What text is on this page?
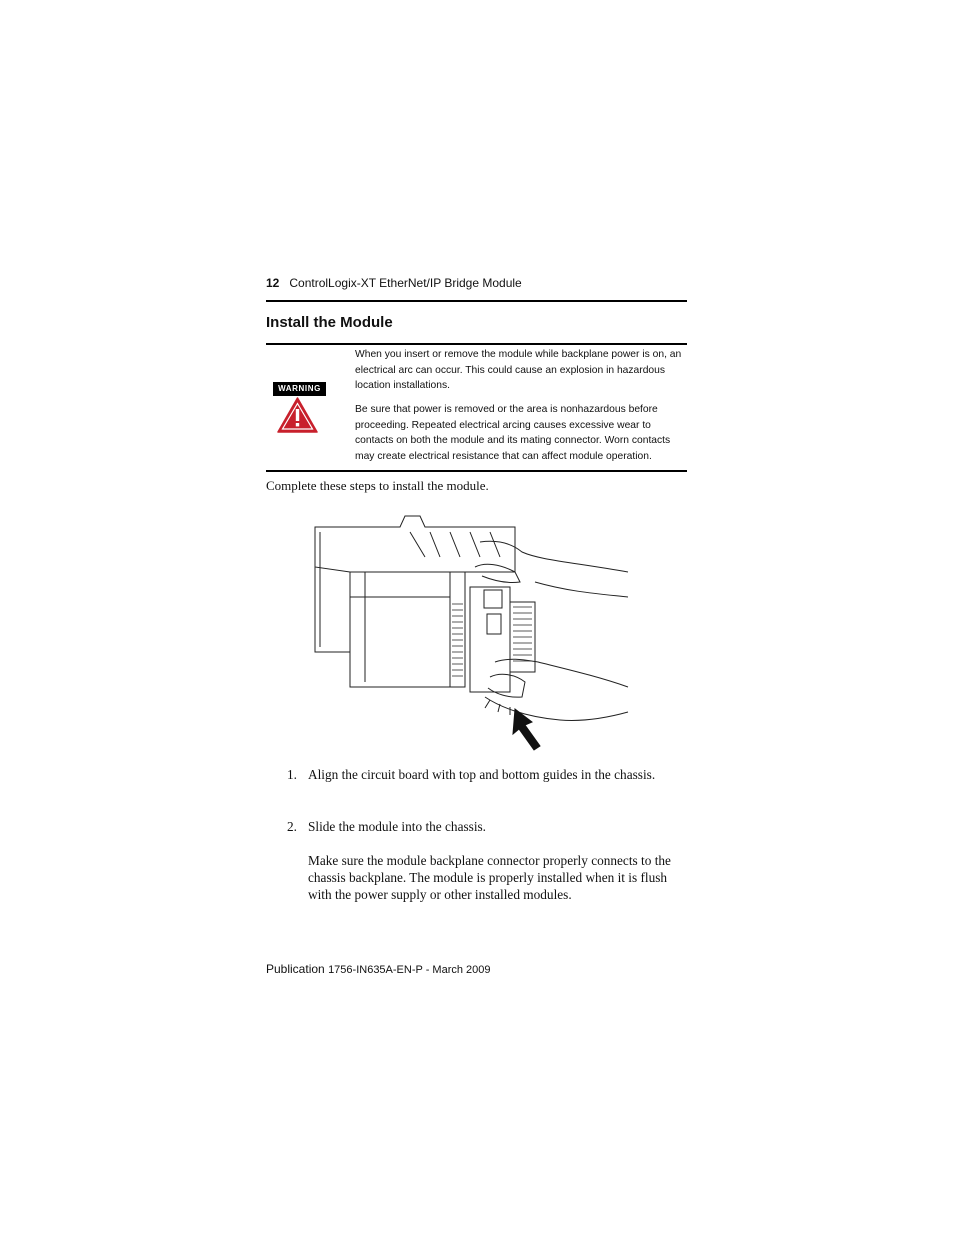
12 ControlLogix-XT EtherNet/IP Bridge Module
Install the Module
WARNING
When you insert or remove the module while backplane power is on, an electrical arc can occur. This could cause an explosion in hazardous location installations.
Be sure that power is removed or the area is nonhazardous before proceeding. Repeated electrical arcing causes excessive wear to contacts on both the module and its mating connector. Worn contacts may create electrical resistance that can affect module operation.
Complete these steps to install the module.
1. Align the circuit board with top and bottom guides in the chassis.
2. Slide the module into the chassis.
Make sure the module backplane connector properly connects to the chassis backplane. The module is properly installed when it is flush with the power supply or other installed modules.
Publication 1756-IN635A-EN-P - March 2009
